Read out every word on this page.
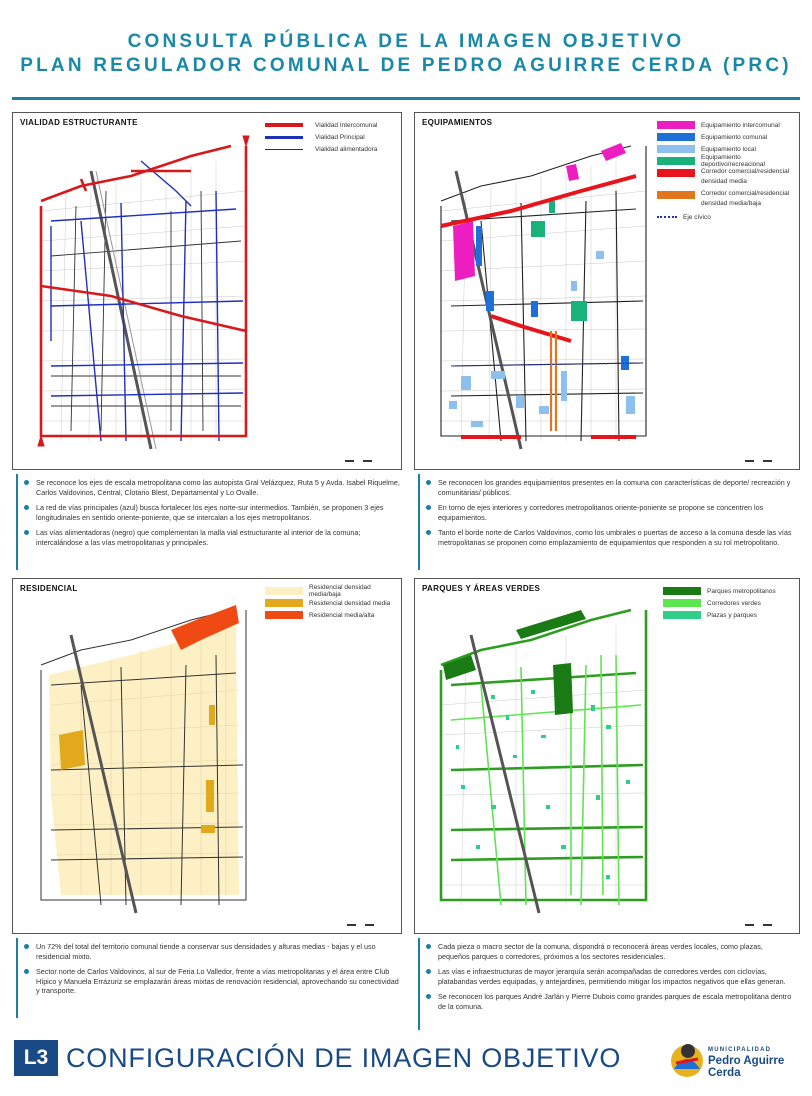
CONSULTA PÚBLICA DE LA IMAGEN OBJETIVO
PLAN REGULADOR COMUNAL DE PEDRO AGUIRRE CERDA (PRC)
VIALIDAD ESTRUCTURANTE	Vialidad Intercomunal
Vialidad Principal
Vialidad alimentadora
EQUIPAMIENTOS	Equipamiento intercomunal
Equipamiento comunal
Equipamiento local
Equipamiento deportivo/recreacional
Corredor comercial/residencial densidad media
Corredor comercial/residencial densidad media/baja
Eje cívico
Se reconoce los ejes de escala metropolitana como las autopista Gral Velázquez, Ruta 5 y Avda. Isabel Riquelme, Carlos Valdovinos, Central, Clotario Blest, Departamental y Lo Ovalle.
La red de vías principales (azul) busca fortalecer los ejes norte-sur intermedios. También, se proponen 3 ejes longitudinales en sentido oriente-poniente, que se intercalan a los ejes metropolitanos.
Las vías alimentadoras (negro) que complementan la malla vial estructurante al interior de la comuna; intercalándose a las vías metropolitanas y principales.
Se reconocen los grandes equipamientos presentes en la comuna con características de deporte/ recreación y comunitarias/ públicos.
En torno de ejes interiores y corredores metropolitanos oriente-poniente se propone se concentren los equipamientos.
Tanto el borde norte de Carlos Valdovinos, como los umbrales o puertas de acceso a la comuna desde las vías metropolitanas se proponen como emplazamiento de equipamientos que responden a su rol metropolitano.
RESIDENCIAL	Residencial densidad media/baja
Residencial densidad media
Residencial media/alta
PARQUES Y ÁREAS VERDES	Parques metropolitanos
Corredores verdes
Plazas y parques
Un 72% del total del territorio comunal tiende a conservar sus densidades y alturas medias - bajas y el uso residencial mixto.
Sector norte de Carlos Valdovinos, al sur de Feria Lo Valledor, frente a vías metropolitanas y el área entre Club Hípico y Manuela Errázuriz se emplazarán áreas mixtas de renovación residencial, aprovechando su conectividad y transporte.
Cada pieza o macro sector de la comuna, dispondrá o reconocerá áreas verdes locales, como plazas, pequeños parques o corredores, próximos a los sectores residenciales.
Las vías e infraestructuras de mayor jerarquía serán acompañadas de corredores verdes con ciclovías, platabandas verdes equipadas, y antejardines, permitiendo mitigar los impactos negativos que ellas generan.
Se reconocen los parques André Jarlán y Pierre Dubois como grandes parques de escala metropolitana dentro de la comuna.
L3 CONFIGURACIÓN DE IMAGEN OBJETIVO	MUNICIPALIDAD
Pedro Aguirre Cerda
